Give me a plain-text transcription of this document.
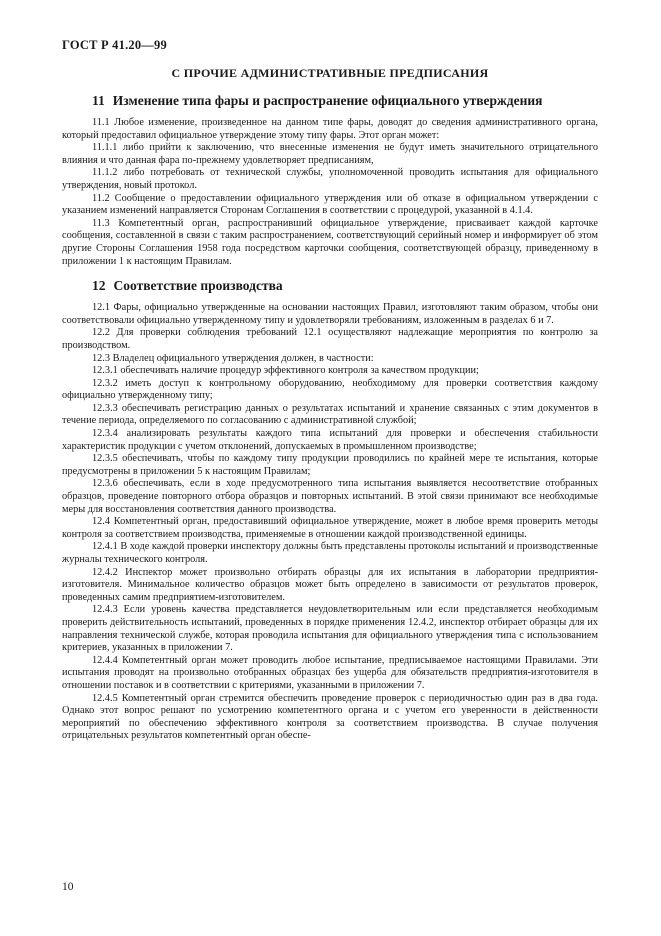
ГОСТ Р 41.20—99
С ПРОЧИЕ АДМИНИСТРАТИВНЫЕ ПРЕДПИСАНИЯ
11 Изменение типа фары и распространение официального утверждения

11.1 Любое изменение, произведенное на данном типе фары, доводят до сведения административного органа, который предоставил официальное утверждение этому типу фары. Этот орган может:

11.1.1 либо прийти к заключению, что внесенные изменения не будут иметь значительного отрицательного влияния и что данная фара по-прежнему удовлетворяет предписаниям,

11.1.2 либо потребовать от технической службы, уполномоченной проводить испытания для официального утверждения, новый протокол.

11.2 Сообщение о предоставлении официального утверждения или об отказе в официальном утверждении с указанием изменений направляется Сторонам Соглашения в соответствии с процедурой, указанной в 4.1.4.

11.3 Компетентный орган, распространивший официальное утверждение, присваивает каждой карточке сообщения, составленной в связи с таким распространением, соответствующий серийный номер и информирует об этом другие Стороны Соглашения 1958 года посредством карточки сообщения, соответствующей образцу, приведенному в приложении 1 к настоящим Правилам.

12 Соответствие производства

12.1 Фары, официально утвержденные на основании настоящих Правил, изготовляют таким образом, чтобы они соответствовали официально утвержденному типу и удовлетворяли требованиям, изложенным в разделах 6 и 7.

12.2 Для проверки соблюдения требований 12.1 осуществляют надлежащие мероприятия по контролю за производством.

12.3 Владелец официального утверждения должен, в частности:

12.3.1 обеспечивать наличие процедур эффективного контроля за качеством продукции;

12.3.2 иметь доступ к контрольному оборудованию, необходимому для проверки соответствия каждому официально утвержденному типу;

12.3.3 обеспечивать регистрацию данных о результатах испытаний и хранение связанных с этим документов в течение периода, определяемого по согласованию с административной службой;

12.3.4 анализировать результаты каждого типа испытаний для проверки и обеспечения стабильности характеристик продукции с учетом отклонений, допускаемых в промышленном производстве;

12.3.5 обеспечивать, чтобы по каждому типу продукции проводились по крайней мере те испытания, которые предусмотрены в приложении 5 к настоящим Правилам;

12.3.6 обеспечивать, если в ходе предусмотренного типа испытания выявляется несоответствие отобранных образцов, проведение повторного отбора образцов и повторных испытаний. В этой связи принимают все необходимые меры для восстановления соответствия данного производства.

12.4 Компетентный орган, предоставивший официальное утверждение, может в любое время проверить методы контроля за соответствием производства, применяемые в отношении каждой производственной единицы.

12.4.1 В ходе каждой проверки инспектору должны быть представлены протоколы испытаний и производственные журналы технического контроля.

12.4.2 Инспектор может произвольно отбирать образцы для их испытания в лаборатории предприятия-изготовителя. Минимальное количество образцов может быть определено в зависимости от результатов проверок, проведенных самим предприятием-изготовителем.

12.4.3 Если уровень качества представляется неудовлетворительным или если представляется необходимым проверить действительность испытаний, проведенных в порядке применения 12.4.2, инспектор отбирает образцы для их направления технической службе, которая проводила испытания для официального утверждения типа с использованием критериев, указанных в приложении 7.

12.4.4 Компетентный орган может проводить любое испытание, предписываемое настоящими Правилами. Эти испытания проводят на произвольно отобранных образцах без ущерба для обязательств предприятия-изготовителя в отношении поставок и в соответствии с критериями, указанными в приложении 7.

12.4.5 Компетентный орган стремится обеспечить проведение проверок с периодичностью один раз в два года. Однако этот вопрос решают по усмотрению компетентного органа и с учетом его уверенности в действенности мероприятий по обеспечению эффективного контроля за соответствием производства. В случае получения отрицательных результатов компетентный орган обеспе-

10
